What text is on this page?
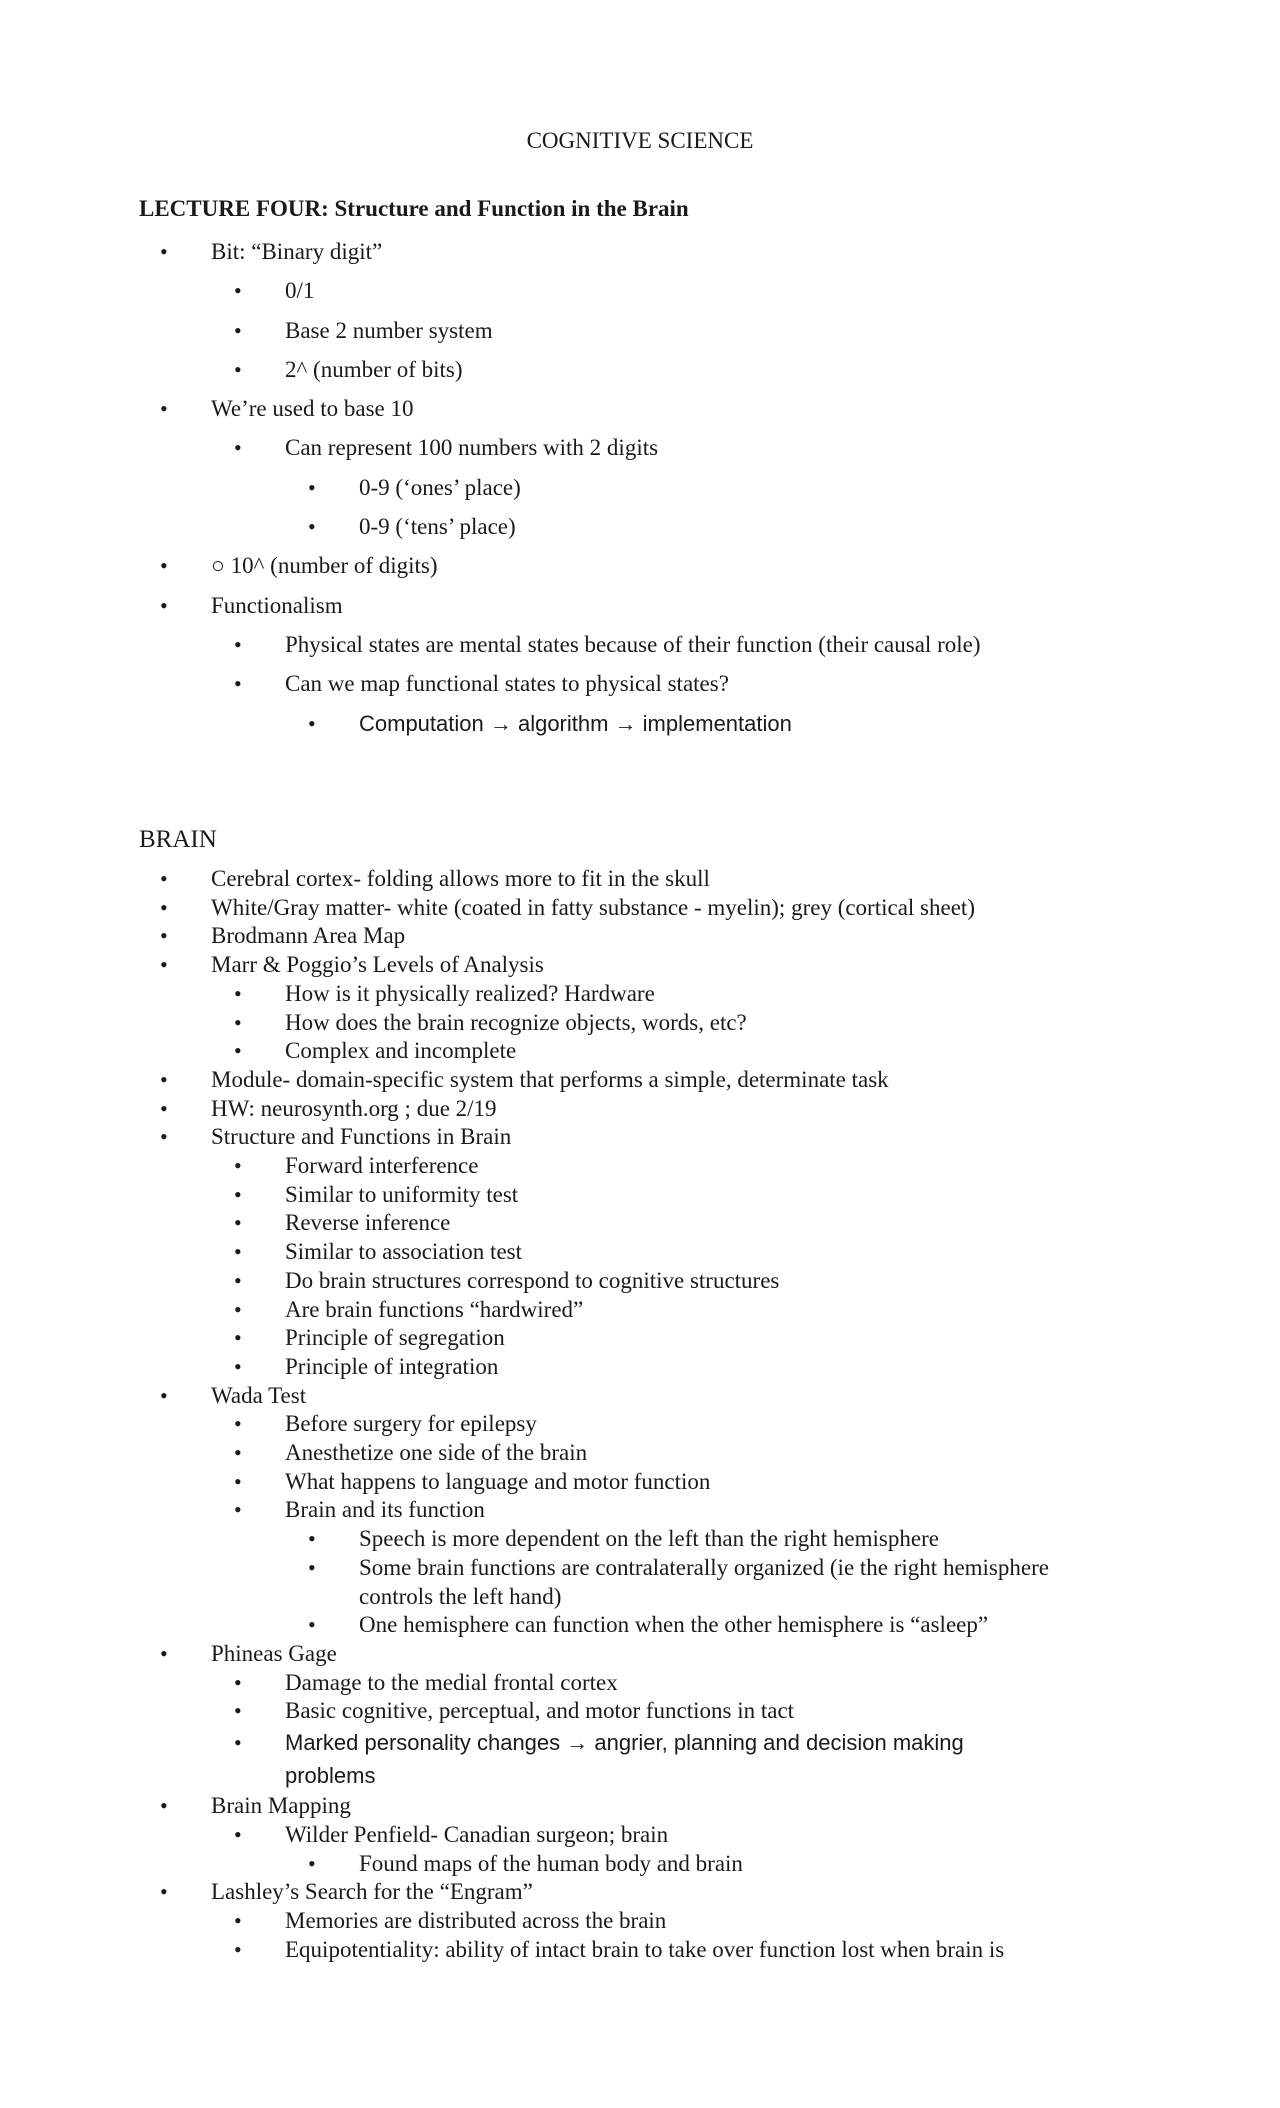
COGNITIVE SCIENCE
LECTURE FOUR: Structure and Function in the Brain
• Bit: “Binary digit”
• 0/1
• Base 2 number system
• 2^ (number of bits)
• We’re used to base 10
• Can represent 100 numbers with 2 digits
• 0-9 (‘ones’ place)
• 0-9 (‘tens’ place)
• ○ 10^ (number of digits)
• Functionalism
• Physical states are mental states because of their function (their causal role)
• Can we map functional states to physical states?
• Computation → algorithm → implementation
BRAIN
• Cerebral cortex- folding allows more to fit in the skull
• White/Gray matter- white (coated in fatty substance - myelin); grey (cortical sheet)
• Brodmann Area Map
• Marr & Poggio’s Levels of Analysis
• How is it physically realized? Hardware
• How does the brain recognize objects, words, etc?
• Complex and incomplete
• Module- domain-specific system that performs a simple, determinate task
• HW: neurosynth.org ; due 2/19
• Structure and Functions in Brain
• Forward interference
• Similar to uniformity test
• Reverse inference
• Similar to association test
• Do brain structures correspond to cognitive structures
• Are brain functions “hardwired”
• Principle of segregation
• Principle of integration
• Wada Test
• Before surgery for epilepsy
• Anesthetize one side of the brain
• What happens to language and motor function
• Brain and its function
• Speech is more dependent on the left than the right hemisphere
• Some brain functions are contralaterally organized (ie the right hemisphere controls the left hand)
• One hemisphere can function when the other hemisphere is “asleep”
• Phineas Gage
• Damage to the medial frontal cortex
• Basic cognitive, perceptual, and motor functions in tact
• Marked personality changes → angrier, planning and decision making problems
• Brain Mapping
• Wilder Penfield- Canadian surgeon; brain
• Found maps of the human body and brain
• Lashley’s Search for the “Engram”
• Memories are distributed across the brain
• Equipotentiality: ability of intact brain to take over function lost when brain is
